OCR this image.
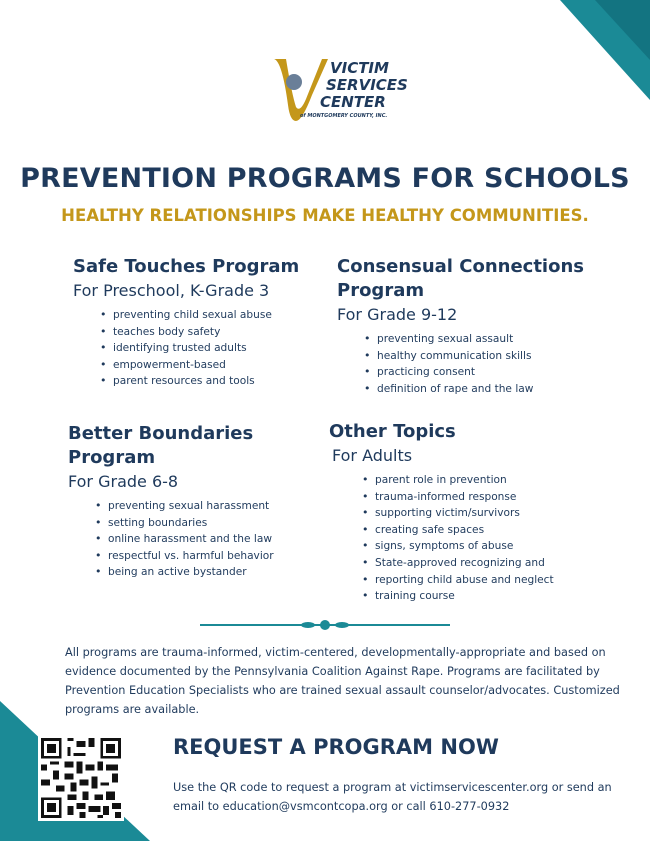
VICTIM
SERVICES
CENTER
of MONTGOMERY COUNTY, INC.
PREVENTION PROGRAMS FOR SCHOOLS
HEALTHY RELATIONSHIPS MAKE HEALTHY COMMUNITIES.
Safe Touches Program
For Preschool, K-Grade 3
• preventing child sexual abuse
• teaches body safety
• identifying trusted adults
• empowerment-based
• parent resources and tools
Consensual Connections
Program
For Grade 9-12
• preventing sexual assault
• healthy communication skills
• practicing consent
• definition of rape and the law
Better Boundaries
Program
For Grade 6-8
• preventing sexual harassment
• setting boundaries
• online harassment and the law
• respectful vs. harmful behavior
• being an active bystander
Other Topics
For Adults
• parent role in prevention
• trauma-informed response
• supporting victim/survivors
• creating safe spaces
• signs, symptoms of abuse
• State-approved recognizing and
• reporting child abuse and neglect
• training course
All programs are trauma-informed, victim-centered, developmentally-appropriate and based on evidence documented by the Pennsylvania Coalition Against Rape. Programs are facilitated by Prevention Education Specialists who are trained sexual assault counselor/advocates. Customized programs are available.
REQUEST A PROGRAM NOW
Use the QR code to request a program at victimservicescenter.org or send an email to education@vsmcontcopa.org or call 610-277-0932
